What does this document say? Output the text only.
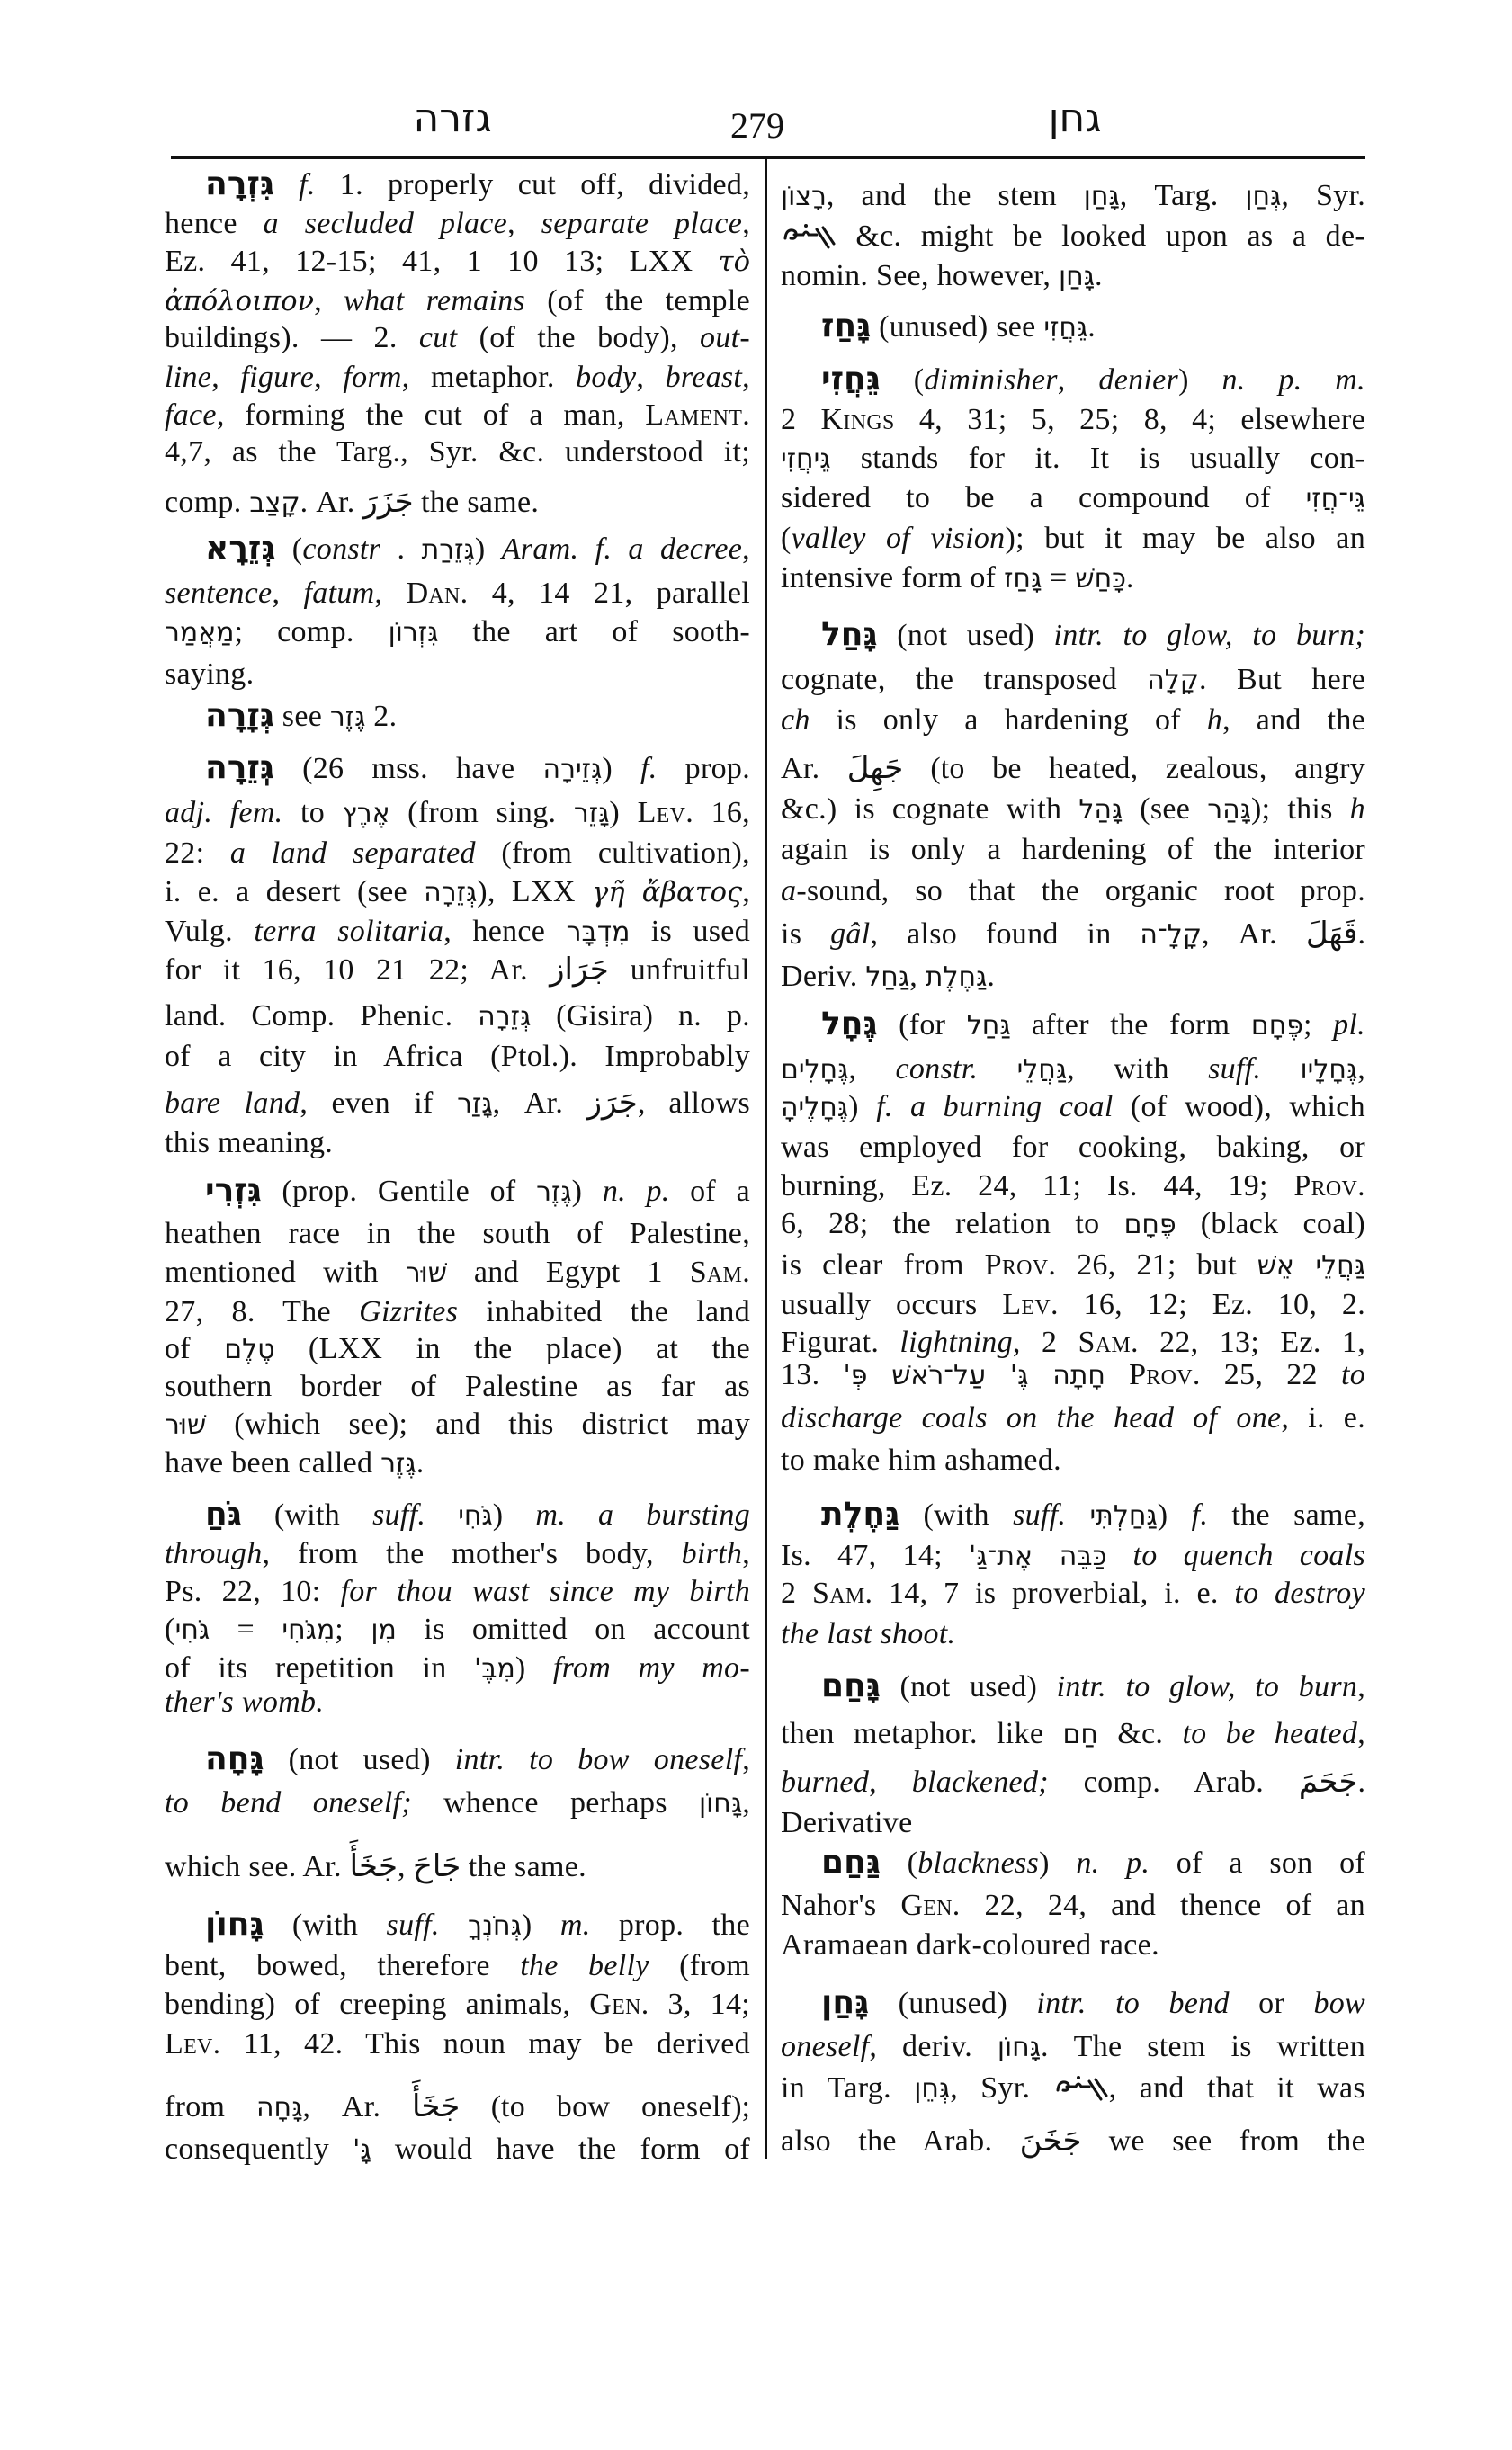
גזרה	279	גחן
גִּזְרָה f. 1. properly cut off, divided,
hence a secluded place, separate place,
Ez. 41, 12-15; 41, 1 10 13; LXX τὸ
ἀπόλοιπον, what remains (of the temple
buildings). — 2. cut (of the body), out-
line, figure, form, metaphor. body, breast,
face, forming the cut of a man, Lament.
4,7, as the Targ., Syr. &c. understood it;
comp. קָצַב. Ar. جَزَرَ the same.
גְּזֵרָא (constr . גְּזֵרַת) Aram. f. a decree,
sentence, fatum, Dan. 4, 14 21, parallel
מַאֲמַר; comp. גִּזְרוֹן the art of sooth-
saying.
גְּזָרָה see גֶּזֶר 2.
גְּזֵרָה (26 mss. have גְּזֵירָה) f. prop.
adj. fem. to אֶרֶץ (from sing. גָּזֵר) Lev. 16,
22: a land separated (from cultivation),
i. e. a desert (see גְּזֵרָה), LXX γῆ ἄβατος,
Vulg. terra solitaria, hence מִדְבָּר is used
for it 16, 10 21 22; Ar. جَرَاز unfruitful
land. Comp. Phenic. גְּזֵרָה (Gisira) n. p.
of a city in Africa (Ptol.). Improbably
bare land, even if גָּזַר, Ar. جَرَز, allows
this meaning.
גִּזְרִי (prop. Gentile of גֶּזֶר) n. p. of a
heathen race in the south of Palestine,
mentioned with שׁוּר and Egypt 1 Sam.
27, 8. The Gizrites inhabited the land
of טֶלֶם (LXX in the place) at the
southern border of Palestine as far as
שׁוּר (which see); and this district may
have been called גֶּזֶר.
גֹּחַ (with suff. גֹּחִי) m. a bursting
through, from the mother's body, birth,
Ps. 22, 10: for thou wast since my birth
(גֹּחִי = מִגֹּחִי; מִן is omitted on account
of its repetition in מִבֶּ') from my mo-
ther's womb.
גָּחָה (not used) intr. to bow oneself,
to bend oneself; whence perhaps גָּחוֹן,
which see. Ar. جَخَأَ, جَاحَ the same.
גָּחוֹן (with suff. גְּחֹנְךָ) m. prop. the
bent, bowed, therefore the belly (from
bending) of creeping animals, Gen. 3, 14;
Lev. 11, 42. This noun may be derived
from גָּחָה, Ar. جَخَأَ (to bow oneself);
consequently גָּ' would have the form of
רָצוֹן, and the stem גָּחַן, Targ. גְּחַן, Syr.
&c. might be looked upon as a de-
nomin. See, however, גָּחַן.
גָּחַז (unused) see גֵּחֲזִי.
גֵּחֲזִי (diminisher, denier) n. p. m.
2 Kings 4, 31; 5, 25; 8, 4; elsewhere
גֵּיחֲזִי stands for it. It is usually con-
sidered to be a compound of גֵּי־חֲזִי
(valley of vision); but it may be also an
intensive form of גָּחַז = כָּחַשׁ.
גָּחַל (not used) intr. to glow, to burn;
cognate, the transposed קָלָה. But here
ch is only a hardening of h, and the
Ar. جَهِلَ (to be heated, zealous, angry
&c.) is cognate with גָּהַל (see גָּהַר); this h
again is only a hardening of the interior
a-sound, so that the organic root prop.
is gâl, also found in קָלָ־ה, Ar. قَهَلَ.
Deriv. גַּחַל, גַּחֶלֶת.
גֶּחָל (for גַּחַל after the form פֶּחָם; pl.
גֶּחָלִים, constr. גַּחֲלֵי, with suff. גֶּחָלָיו,
גֶּחָלֶיהָ) f. a burning coal (of wood), which
was employed for cooking, baking, or
burning, Ez. 24, 11; Is. 44, 19; Prov.
6, 28; the relation to פֶּחָם (black coal)
is clear from Prov. 26, 21; but גַּחֲלֵי אֵשׁ
usually occurs Lev. 16, 12; Ez. 10, 2.
Figurat. lightning, 2 Sam. 22, 13; Ez. 1,
13. חָתָה גֶּ' עַל־רֹאשׁ פְּ' Prov. 25, 22 to
discharge coals on the head of one, i. e.
to make him ashamed.
גַּחֶלֶת (with suff. גַּחַלְתִּי) f. the same,
Is. 47, 14; כַּבֵּה אֶת־גַּ' to quench coals
2 Sam. 14, 7 is proverbial, i. e. to destroy
the last shoot.
גָּחַם (not used) intr. to glow, to burn,
then metaphor. like חַם &c. to be heated,
burned, blackened; comp. Arab. جَحَمَ.
Derivative
גַּחַם (blackness) n. p. of a son of
Nahor's Gen. 22, 24, and thence of an
Aramaean dark-coloured race.
גָּחַן (unused) intr. to bend or bow
oneself, deriv. גָּחוֹן. The stem is written
in Targ. גְּחֵן, Syr.
, and that it was
also the Arab. جَخَنَ we see from the
